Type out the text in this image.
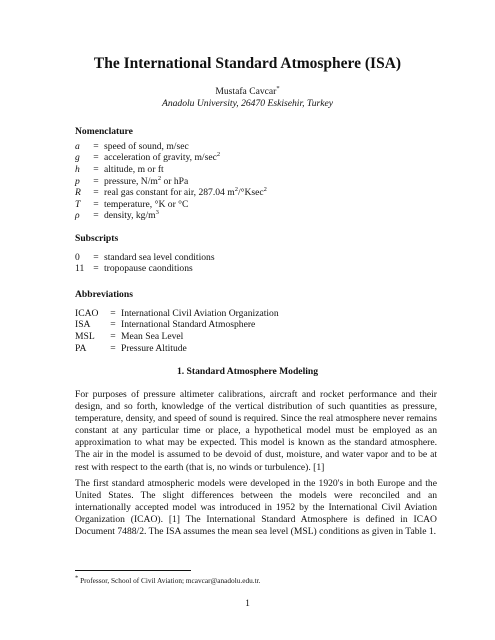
The International Standard Atmosphere (ISA)
Mustafa Cavcar*
Anadolu University, 26470 Eskisehir, Turkey
Nomenclature
a	= speed of sound, m/sec
g	= acceleration of gravity, $m/\sec^2$
h	= altitude, m or ft
p	= pressure, $N/m^2$ or hPa
R	= real gas constant for air, 287.04 $m^2/^\circ Ksec^2$
T	= temperature, °K or °C
ρ	= density, $kg/m^3$
Subscripts
0	= standard sea level conditions
11 = tropopause caonditions
Abbreviations
ICAO	= International Civil Aviation Organization
ISA	= International Standard Atmosphere
MSL	= Mean Sea Level
PA	= Pressure Altitude
1. Standard Atmosphere Modeling
For purposes of pressure altimeter calibrations, aircraft and rocket performance and their design, and so forth, knowledge of the vertical distribution of such quantities as pressure, temperature, density, and speed of sound is required. Since the real atmosphere never remains constant at any particular time or place, a hypothetical model must be employed as an approximation to what may be expected. This model is known as the standard atmosphere. The air in the model is assumed to be devoid of dust, moisture, and water vapor and to be at rest with respect to the earth (that is, no winds or turbulence). [1]
The first standard atmospheric models were developed in the 1920's in both Europe and the United States. The slight differences between the models were reconciled and an internationally accepted model was introduced in 1952 by the International Civil Aviation Organization (ICAO). [1] The International Standard Atmosphere is defined in ICAO Document 7488/2. The ISA assumes the mean sea level (MSL) conditions as given in Table 1.
* Professor, School of Civil Aviation; mcavcar@anadolu.edu.tr.
1
